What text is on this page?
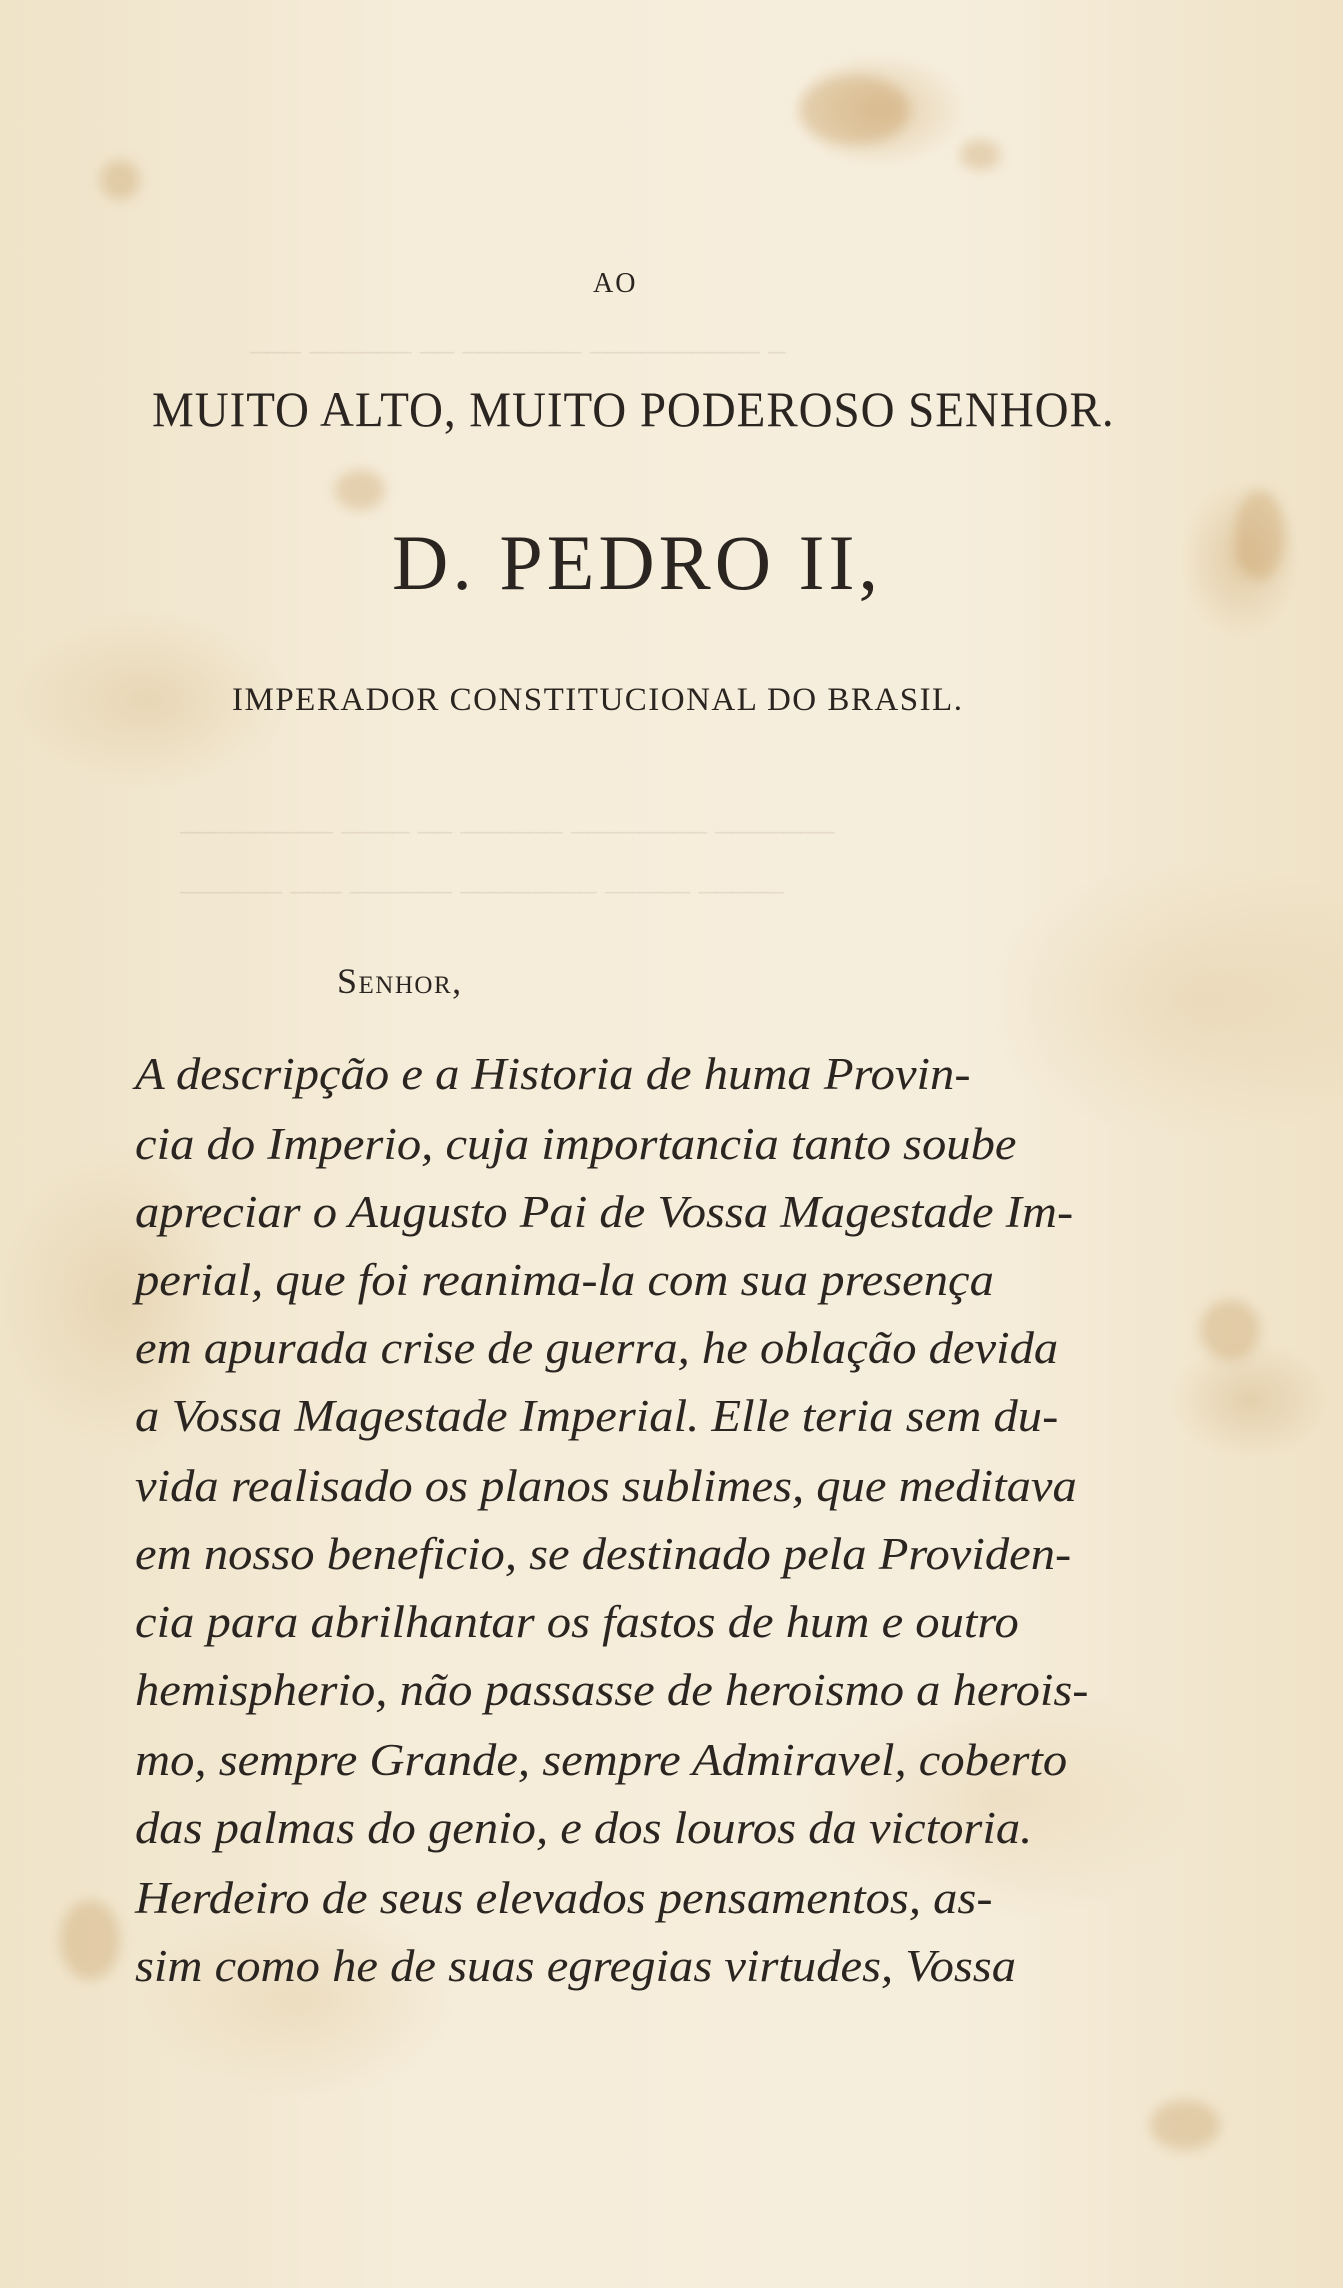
_ __________ _______ __ ______ ___
_______ ________ ______ __ ____ _________
_____ _____ ________ ______ ___ ______
AO
MUITO ALTO, MUITO PODEROSO SENHOR.
D. PEDRO II,
IMPERADOR CONSTITUCIONAL DO BRASIL.
Senhor,
A descripção e a Historia de huma Provin-
cia do Imperio, cuja importancia tanto soube
apreciar o Augusto Pai de Vossa Magestade Im-
perial, que foi reanima-la com sua presença
em apurada crise de guerra, he oblação devida
a Vossa Magestade Imperial. Elle teria sem du-
vida realisado os planos sublimes, que meditava
em nosso beneficio, se destinado pela Providen-
cia para abrilhantar os fastos de hum e outro
hemispherio, não passasse de heroismo a herois-
mo, sempre Grande, sempre Admiravel, coberto
das palmas do genio, e dos louros da victoria.
Herdeiro de seus elevados pensamentos, as-
sim como he de suas egregias virtudes, Vossa
